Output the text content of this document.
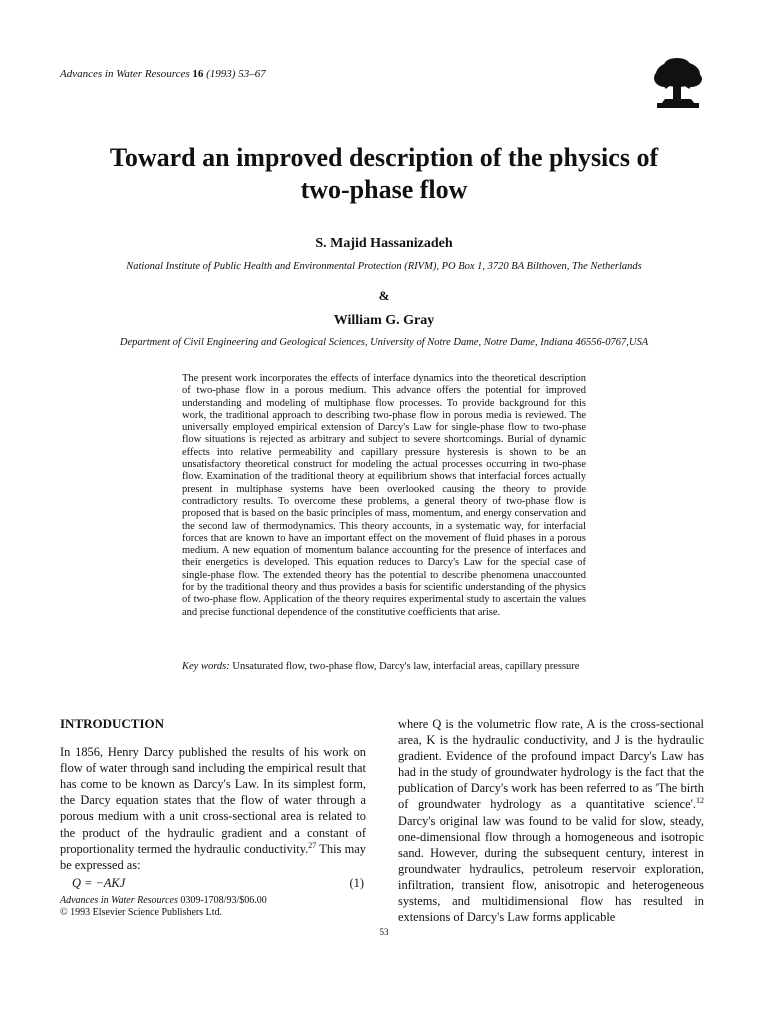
Advances in Water Resources 16 (1993) 53–67
Toward an improved description of the physics of
two-phase flow
S. Majid Hassanizadeh
National Institute of Public Health and Environmental Protection (RIVM), PO Box 1, 3720 BA Bilthoven, The Netherlands
&
William G. Gray
Department of Civil Engineering and Geological Sciences, University of Notre Dame, Notre Dame, Indiana 46556-0767,USA
The present work incorporates the effects of interface dynamics into the theoretical description of two-phase flow in a porous medium. This advance offers the potential for improved understanding and modeling of multiphase flow processes. To provide background for this work, the traditional approach to describing two-phase flow in porous media is reviewed. The universally employed empirical extension of Darcy's Law for single-phase flow to two-phase flow situations is rejected as arbitrary and subject to severe shortcomings. Burial of dynamic effects into relative permeability and capillary pressure hysteresis is shown to be an unsatisfactory theoretical construct for modeling the actual processes occurring in two-phase flow. Examination of the traditional theory at equilibrium shows that interfacial forces actually present in multiphase systems have been overlooked causing the theory to provide contradictory results. To overcome these problems, a general theory of two-phase flow is proposed that is based on the basic principles of mass, momentum, and energy conservation and the second law of thermodynamics. This theory accounts, in a systematic way, for interfacial forces that are known to have an important effect on the movement of fluid phases in a porous medium. A new equation of momentum balance accounting for the presence of interfaces and their energetics is developed. This equation reduces to Darcy's Law for the special case of single-phase flow. The extended theory has the potential to describe phenomena unaccounted for by the traditional theory and thus provides a basis for scientific understanding of the physics of two-phase flow. Application of the theory requires experimental study to ascertain the values and precise functional dependence of the constitutive coefficients that arise.
Key words: Unsaturated flow, two-phase flow, Darcy's law, interfacial areas, capillary pressure
INTRODUCTION

In 1856, Henry Darcy published the results of his work on flow of water through sand including the empirical result that has come to be known as Darcy's Law. In its simplest form, the Darcy equation states that the flow of water through a porous medium with a unit cross-sectional area is related to the product of the hydraulic gradient and a constant of proportionality termed the hydraulic conductivity.$^{27}$ This may be expressed as:

Q = −AKJ	(1)

where Q is the volumetric flow rate, A is the cross-sectional area, K is the hydraulic conductivity, and J is the hydraulic gradient. Evidence of the profound impact Darcy's Law has had in the study of groundwater hydrology is the fact that the publication of Darcy's work has been referred to as 'The birth of groundwater hydrology as a quantitative science'.$^{12}$ Darcy's original law was found to be valid for slow, steady, one-dimensional flow through a homogeneous and isotropic sand. However, during the subsequent century, interest in groundwater hydraulics, petroleum reservoir exploration, infiltration, transient flow, anisotropic and heterogeneous systems, and multidimensional flow has resulted in extensions of Darcy's Law forms applicable

Advances in Water Resources 0309-1708/93/$06.00
© 1993 Elsevier Science Publishers Ltd.
53
